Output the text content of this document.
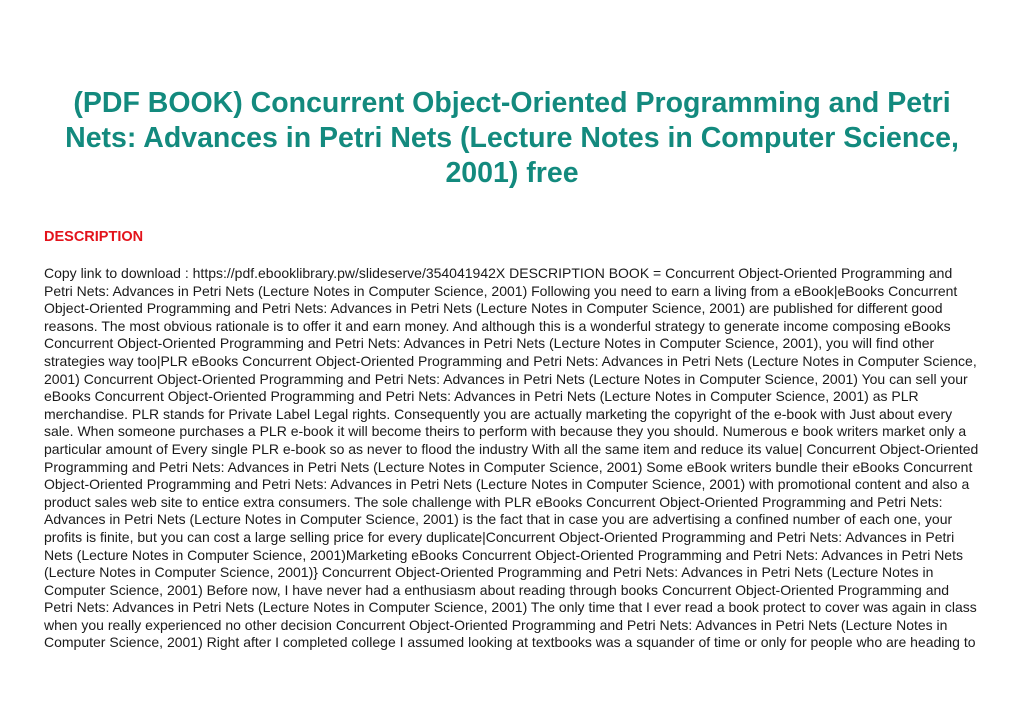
(PDF BOOK) Concurrent Object-Oriented Programming and Petri Nets: Advances in Petri Nets (Lecture Notes in Computer Science, 2001) free
DESCRIPTION

Copy link to download : https://pdf.ebooklibrary.pw/slideserve/354041942X DESCRIPTION BOOK = Concurrent Object-Oriented Programming and Petri Nets: Advances in Petri Nets (Lecture Notes in Computer Science, 2001) Following you need to earn a living from a eBook|eBooks Concurrent Object-Oriented Programming and Petri Nets: Advances in Petri Nets (Lecture Notes in Computer Science, 2001) are published for different good reasons. The most obvious rationale is to offer it and earn money. And although this is a wonderful strategy to generate income composing eBooks Concurrent Object-Oriented Programming and Petri Nets: Advances in Petri Nets (Lecture Notes in Computer Science, 2001), you will find other strategies way too|PLR eBooks Concurrent Object-Oriented Programming and Petri Nets: Advances in Petri Nets (Lecture Notes in Computer Science, 2001) Concurrent Object-Oriented Programming and Petri Nets: Advances in Petri Nets (Lecture Notes in Computer Science, 2001) You can sell your eBooks Concurrent Object-Oriented Programming and Petri Nets: Advances in Petri Nets (Lecture Notes in Computer Science, 2001) as PLR merchandise. PLR stands for Private Label Legal rights. Consequently you are actually marketing the copyright of the e-book with Just about every sale. When someone purchases a PLR e-book it will become theirs to perform with because they you should. Numerous e book writers market only a particular amount of Every single PLR e-book so as never to flood the industry With all the same item and reduce its value| Concurrent Object-Oriented Programming and Petri Nets: Advances in Petri Nets (Lecture Notes in Computer Science, 2001) Some eBook writers bundle their eBooks Concurrent Object-Oriented Programming and Petri Nets: Advances in Petri Nets (Lecture Notes in Computer Science, 2001) with promotional content and also a product sales web site to entice extra consumers. The sole challenge with PLR eBooks Concurrent Object-Oriented Programming and Petri Nets: Advances in Petri Nets (Lecture Notes in Computer Science, 2001) is the fact that in case you are advertising a confined number of each one, your profits is finite, but you can cost a large selling price for every duplicate|Concurrent Object-Oriented Programming and Petri Nets: Advances in Petri Nets (Lecture Notes in Computer Science, 2001)Marketing eBooks Concurrent Object-Oriented Programming and Petri Nets: Advances in Petri Nets (Lecture Notes in Computer Science, 2001)} Concurrent Object-Oriented Programming and Petri Nets: Advances in Petri Nets (Lecture Notes in Computer Science, 2001) Before now, I have never had a enthusiasm about reading through books Concurrent Object-Oriented Programming and Petri Nets: Advances in Petri Nets (Lecture Notes in Computer Science, 2001) The only time that I ever read a book protect to cover was again in class when you really experienced no other decision Concurrent Object-Oriented Programming and Petri Nets: Advances in Petri Nets (Lecture Notes in Computer Science, 2001) Right after I completed college I assumed looking at textbooks was a squander of time or only for people who are heading to
